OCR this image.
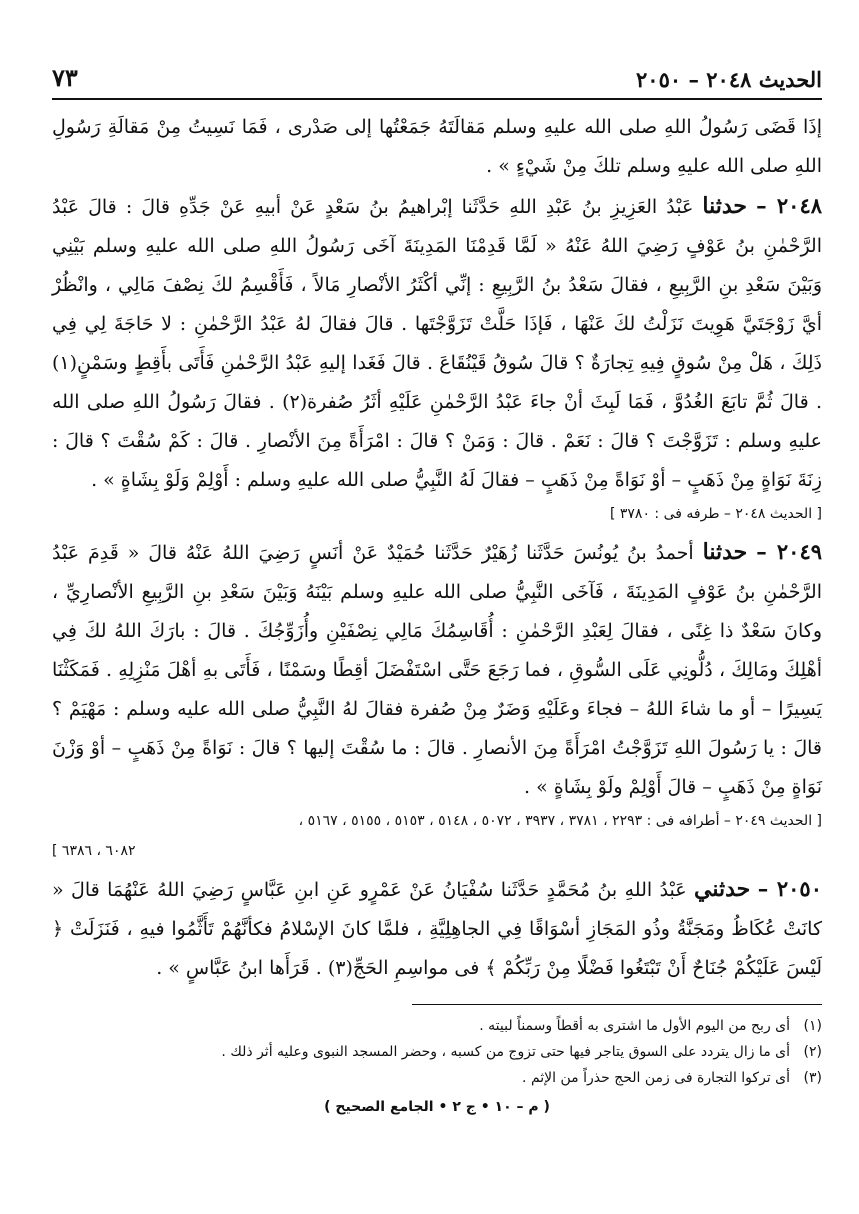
الحديث ٢٠٤٨ – ٢٠٥٠
٧٣

إذَا قَضَى رَسُولُ اللهِ صلى الله عليهِ وسلم مَقالَتَهُ جَمَعْتُها إلى صَدْرى ، فَمَا نَسِيتُ مِنْ مَقالَةِ رَسُولِ اللهِ صلى الله عليهِ وسلم تلكَ مِنْ شَيْءٍ » .

٢٠٤٨ – حدثنا عَبْدُ العَزِيزِ بنُ عَبْدِ اللهِ حَدَّثَنا إبْراهيمُ بنُ سَعْدٍ عَنْ أبيهِ عَنْ جَدِّهِ قالَ : قالَ عَبْدُ الرَّحْمٰنِ بنُ عَوْفٍ رَضِيَ اللهُ عَنْهُ « لَمَّا قَدِمْنَا المَدِينَةَ آخَى رَسُولُ اللهِ صلى الله عليهِ وسلم بَيْنِي وَبَيْنَ سَعْدِ بنِ الرَّبِيعِ ، فقالَ سَعْدُ بنُ الرَّبِيعِ : إنِّي أكْثَرُ الأنْصارِ مَالاً ، فَأَقْسِمُ لكَ نِصْفَ مَالِي ، وانْظُرْ أيَّ زَوْجَتَيَّ هَوِيتَ نَزَلْتُ لكَ عَنْهَا ، فَإذَا حَلَّتْ تَزَوَّجْتَها . قالَ فقالَ لهُ عَبْدُ الرَّحْمٰنِ : لا حَاجَةَ لِي فِي ذَلِكَ ، هَلْ مِنْ سُوقٍ فِيهِ تِجارَةٌ ؟ قالَ سُوقُ قَيْنُقَاعَ . قالَ فَغَدا إليهِ عَبْدُ الرَّحْمٰنِ فَأَتَى بأَقِطٍ وسَمْنٍ(١) . قالَ ثُمَّ تابَعَ الغُدُوَّ ، فَمَا لَبِثَ أنْ جاءَ عَبْدُ الرَّحْمٰنِ عَلَيْهِ أثَرُ صُفرة(٢) . فقالَ رَسُولُ اللهِ صلى الله عليهِ وسلم : تَزَوَّجْتَ ؟ قالَ : نَعَمْ . قالَ : وَمَنْ ؟ قالَ : امْرَأَةً مِنَ الأنْصارِ . قالَ : كَمْ سُقْتَ ؟ قالَ : زِنَةَ نَوَاةٍ مِنْ ذَهَبٍ – أوْ نَوَاةً مِنْ ذَهَبٍ – فقالَ لَهُ النَّبِيُّ صلى الله عليهِ وسلم : أَوْلِمْ وَلَوْ بِشَاةٍ » .

[ الحديث ٢٠٤٨ – طرفه فى : ٣٧٨٠ ]

٢٠٤٩ – حدثنا أحمدُ بنُ يُونُسَ حَدَّثَنا زُهَيْرٌ حَدَّثَنا حُمَيْدٌ عَنْ أنَسٍ رَضِيَ اللهُ عَنْهُ قالَ « قَدِمَ عَبْدُ الرَّحْمٰنِ بنُ عَوْفٍ المَدِينَةَ ، فَآخَى النَّبِيُّ صلى الله عليهِ وسلم بَيْنَهُ وَبَيْنَ سَعْدِ بنِ الرَّبِيعِ الأنْصارِيِّ ، وكانَ سَعْدٌ ذا غِنًى ، فقالَ لِعَبْدِ الرَّحْمٰنِ : أُقَاسِمُكَ مَالِي نِصْفَيْنِ وأُزَوِّجُكَ . قالَ : بارَكَ اللهُ لكَ فِي أهْلِكَ ومَالِكَ ، دُلُّونِي عَلَى السُّوقِ ، فما رَجَعَ حَتَّى اسْتَفْضَلَ أقِطًا وسَمْنًا ، فَأَتَى بهِ أهْلَ مَنْزِلِهِ . فَمَكَثْنَا يَسِيرًا – أو ما شاءَ اللهُ – فجاءَ وعَلَيْهِ وَضَرٌ مِنْ صُفرة فقالَ لهُ النَّبِيُّ صلى الله عليه وسلم : مَهْيَمْ ؟ قالَ : يا رَسُولَ اللهِ تَزَوَّجْتُ امْرَأَةً مِنَ الأنصارِ . قالَ : ما سُقْتَ إليها ؟ قالَ : نَوَاةً مِنْ ذَهَبٍ – أوْ وَزْنَ نَوَاةٍ مِنْ ذَهَبٍ – قالَ أَوْلِمْ ولَوْ بِشَاةٍ » .

[ الحديث ٢٠٤٩ – أطرافه فى : ٢٢٩٣ ، ٣٧٨١ ، ٣٩٣٧ ، ٥٠٧٢ ، ٥١٤٨ ، ٥١٥٣ ، ٥١٥٥ ، ٥١٦٧ ،
٦٠٨٢ ، ٦٣٨٦ ]

٢٠٥٠ – حدثني عَبْدُ اللهِ بنُ مُحَمَّدٍ حَدَّثَنا سُفْيَانُ عَنْ عَمْرٍو عَنِ ابنِ عَبَّاسٍ رَضِيَ اللهُ عَنْهُمَا قالَ « كانَتْ عُكَاظُ ومَجَنَّةُ وذُو المَجَازِ أسْوَاقًا فِي الجاهِلِيَّةِ ، فلمَّا كانَ الإسْلامُ فكأنَّهُمْ تَأَثَّمُوا فيهِ ، فَنَزَلَتْ ﴿ لَيْسَ عَلَيْكُمْ جُنَاحٌ أَنْ تَبْتَغُوا فَضْلًا مِنْ رَبِّكُمْ ﴾ فى مواسِمِ الحَجِّ(٣) . قَرَأَها ابنُ عَبَّاسٍ » .

(١)
أى ربح من اليوم الأول ما اشترى به أقطاً وسمناً لبيته .
(٢)
أى ما زال يتردد على السوق يتاجر فيها حتى تزوج من كسبه ، وحضر المسجد النبوى وعليه أثر ذلك .
(٣)
أى تركوا التجارة فى زمن الحج حذراً من الإثم .
( م – ١٠ • ج ٢ • الجامع الصحيح )
